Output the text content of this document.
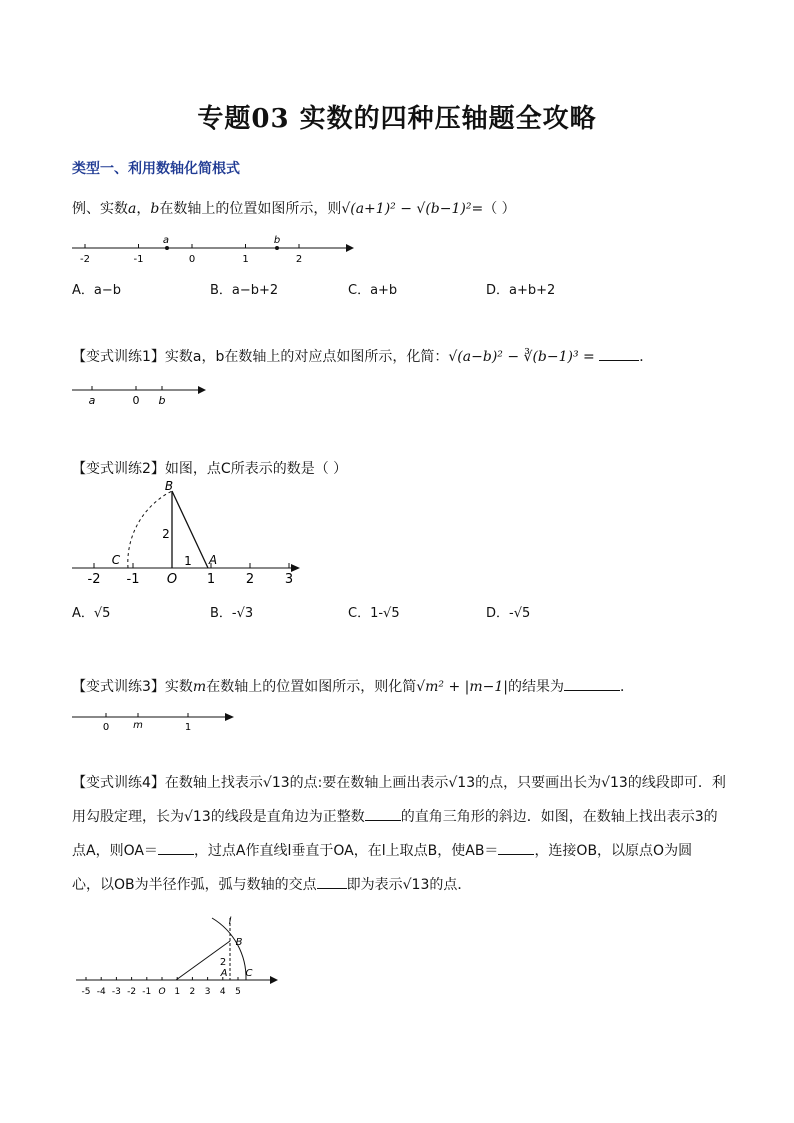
专题03 实数的四种压轴题全攻略
类型一、利用数轴化简根式
例、实数a，b在数轴上的位置如图所示，则√(a+1)² − √(b−1)²=（ ）
-2	-1	0	1	2
a	b
A．a−b	B．a−b+2	C．a+b	D．a+b+2
【变式训练1】实数a，b在数轴上的对应点如图所示，化简：√(a−b)² − ∛(b−1)³ =	．
a	0 b
【变式训练2】如图，点C所表示的数是（ ）
-2 -1 O 1 2 3
B
2
1 A
C
A．√5	B．-√3	C．1-√5	D．-√5
【变式训练3】实数m在数轴上的位置如图所示，则化简√m² + |m−1|的结果为	．
0 m	1
【变式训练4】在数轴上找表示√13的点:要在数轴上画出表示√13的点，只要画出长为√13的线段即可．利
用勾股定理，长为√13的线段是直角边为正整数	的直角三角形的斜边．如图，在数轴上找出表示3的
点A，则OA＝	，过点A作直线l垂直于OA，在l上取点B，使AB＝	，连接OB，以原点O为圆
心，以OB为半径作弧，弧与数轴的交点 即为表示√13的点．
-5 -4 -3 -2 -1 O 1 2 3 4 5
l
B
2
A C
